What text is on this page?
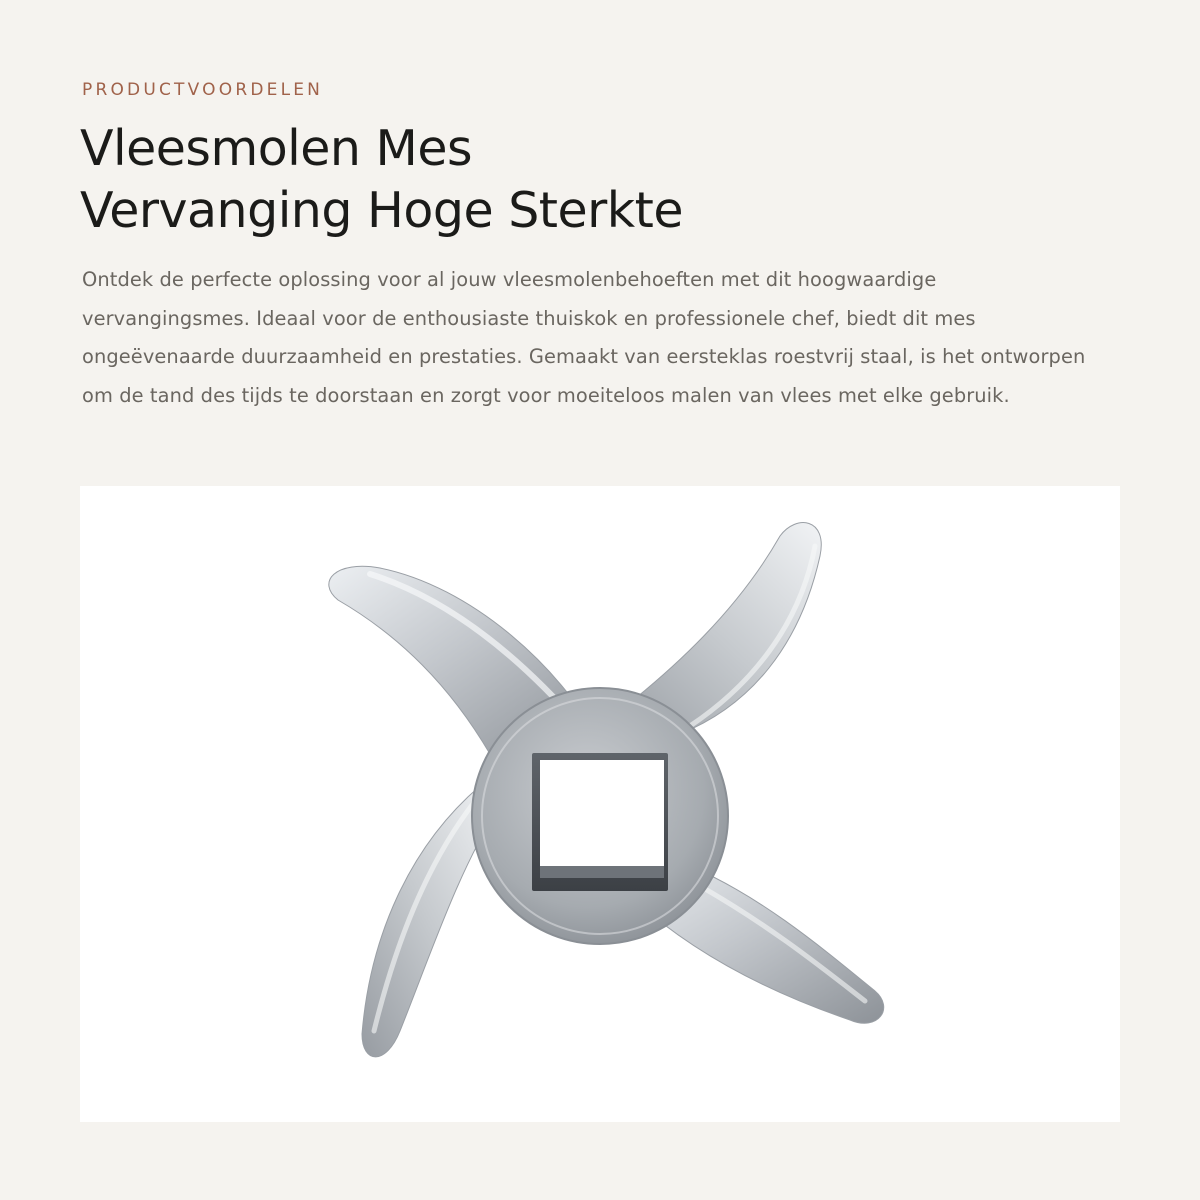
PRODUCTVOORDELEN
Vleesmolen Mes
Vervanging Hoge Sterkte

Ontdek de perfecte oplossing voor al jouw vleesmolenbehoeften met dit hoogwaardige vervangingsmes. Ideaal voor de enthousiaste thuiskok en professionele chef, biedt dit mes ongeëvenaarde duurzaamheid en prestaties. Gemaakt van eersteklas roestvrij staal, is het ontworpen om de tand des tijds te doorstaan en zorgt voor moeiteloos malen van vlees met elke gebruik.
